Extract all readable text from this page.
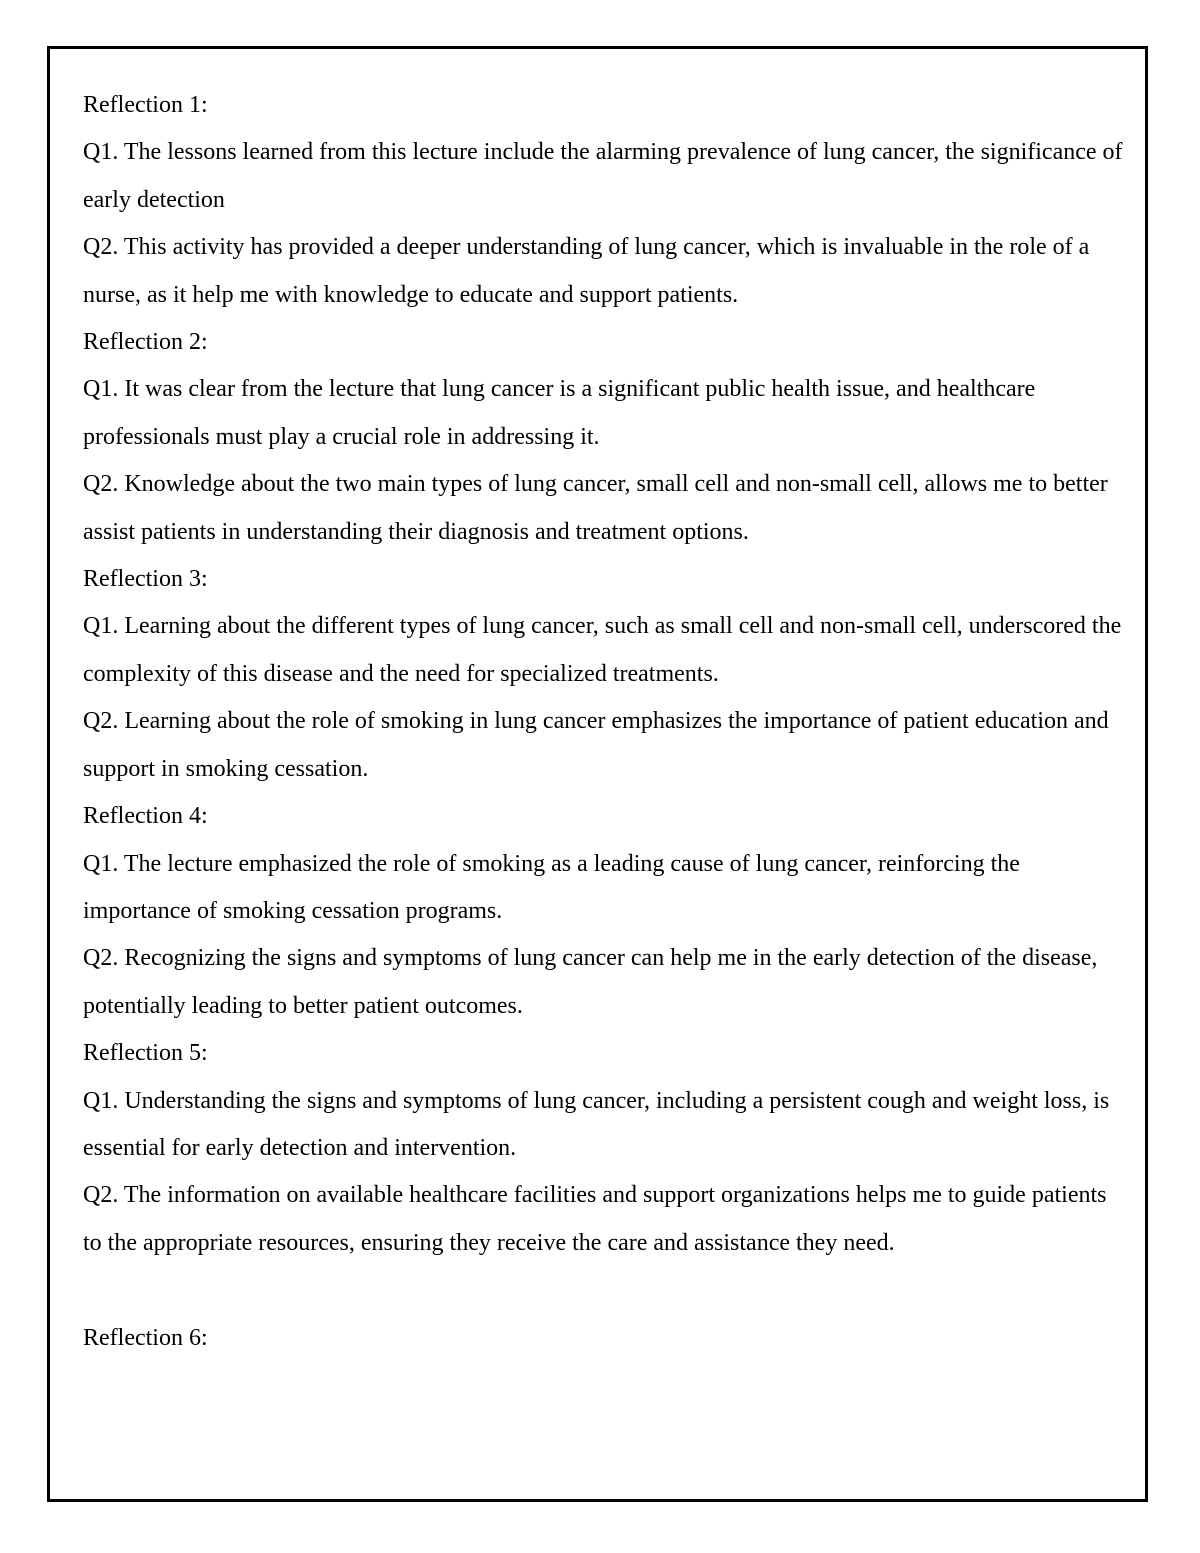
Reflection 1:

Q1. The lessons learned from this lecture include the alarming prevalence of lung cancer, the significance of early detection

Q2. This activity has provided a deeper understanding of lung cancer, which is invaluable in the role of a nurse, as it help me with knowledge to educate and support patients.

Reflection 2:

Q1. It was clear from the lecture that lung cancer is a significant public health issue, and healthcare professionals must play a crucial role in addressing it.

Q2. Knowledge about the two main types of lung cancer, small cell and non-small cell, allows me to better assist patients in understanding their diagnosis and treatment options.

Reflection 3:

Q1. Learning about the different types of lung cancer, such as small cell and non-small cell, underscored the complexity of this disease and the need for specialized treatments.

Q2. Learning about the role of smoking in lung cancer emphasizes the importance of patient education and support in smoking cessation.

Reflection 4:

Q1. The lecture emphasized the role of smoking as a leading cause of lung cancer, reinforcing the importance of smoking cessation programs.

Q2. Recognizing the signs and symptoms of lung cancer can help me in the early detection of the disease, potentially leading to better patient outcomes.

Reflection 5:

Q1. Understanding the signs and symptoms of lung cancer, including a persistent cough and weight loss, is essential for early detection and intervention.

Q2. The information on available healthcare facilities and support organizations helps me to guide patients to the appropriate resources, ensuring they receive the care and assistance they need.

Reflection 6:
